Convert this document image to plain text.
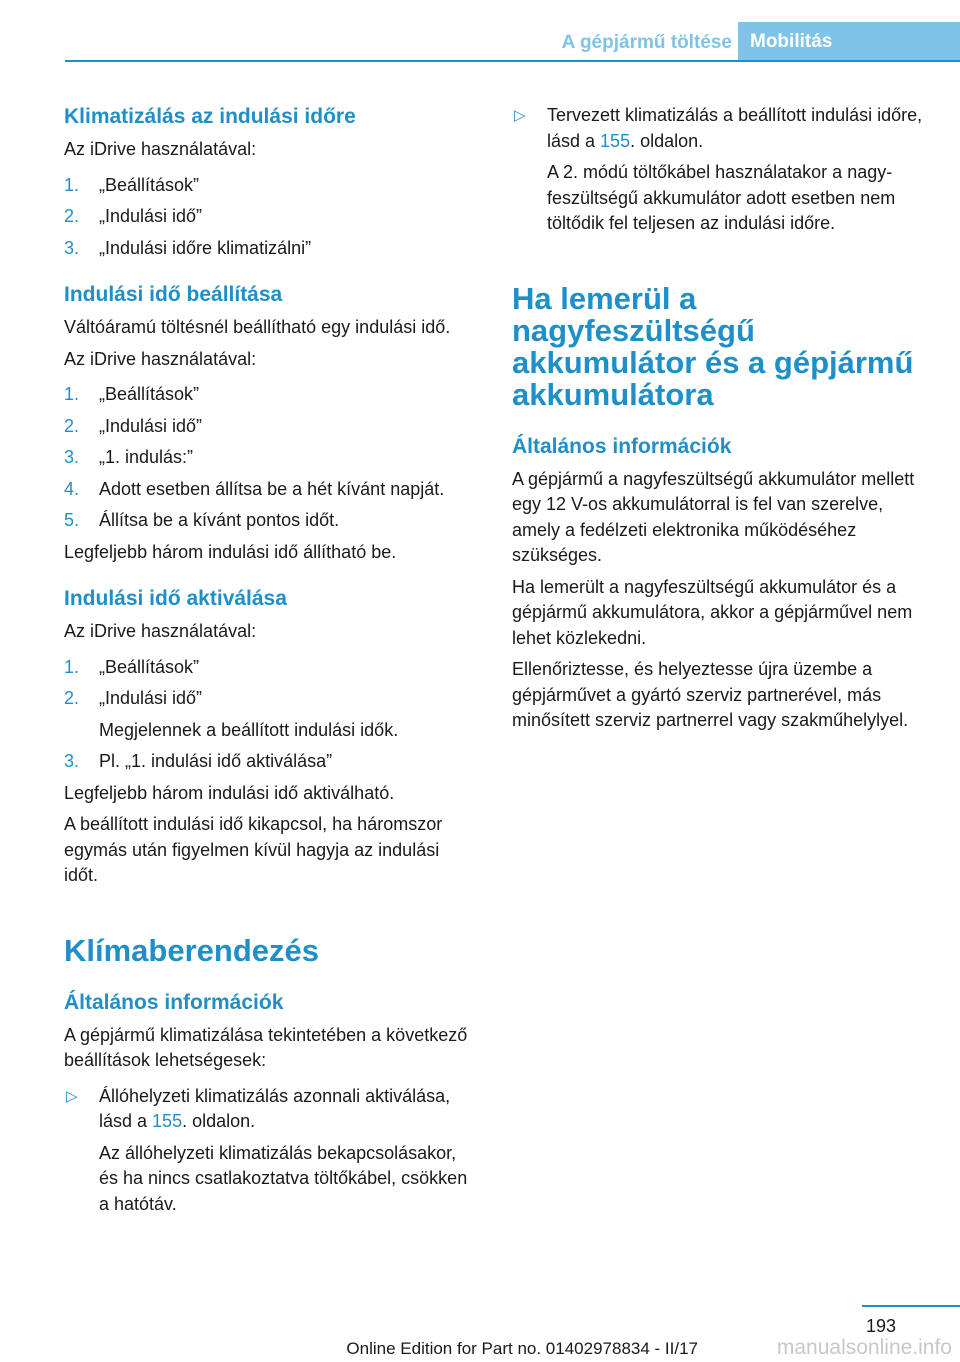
A gépjármű töltése Mobilitás
Klimatizálás az indulási időre

Az iDrive használatával:

1. „Beállítások”
2. „Indulási idő”
3. „Indulási időre klimatizálni”
Indulási idő beállítása

Váltóáramú töltésnél beállítható egy indulási idő.

Az iDrive használatával:

1. „Beállítások”
2. „Indulási idő”
3. „1. indulás:”
4. Adott esetben állítsa be a hét kívánt napját.
5. Állítsa be a kívánt pontos időt.

Legfeljebb három indulási idő állítható be.

Indulási idő aktiválása

Az iDrive használatával:

1. „Beállítások”
2. „Indulási idő”

Megjelennek a beállított indulási idők.

3. Pl. „1. indulási idő aktiválása”

Legfeljebb három indulási idő aktiválható.

A beállított indulási idő kikapcsol, ha háromszor egymás után figyelmen kívül hagyja az indulási időt.

Klímaberendezés
Általános információk

A gépjármű klimatizálása tekintetében a következő beállítások lehetségesek:

▷ Állóhelyzeti klimatizálás azonnali aktiválása, lásd a 155. oldalon.

Az állóhelyzeti klimatizálás bekapcsolásakor, és ha nincs csatlakoztatva töltőkábel, csökken a hatótáv.

▷ Tervezett klimatizálás a beállított indulási időre, lásd a 155. oldalon.

A 2. módú töltőkábel használatakor a nagyfeszültségű akkumulátor adott esetben nem töltődik fel teljesen az indulási időre.

Ha lemerül a nagyfeszültségű akkumulátor és a gépjármű akkumulátora
Általános információk

A gépjármű a nagyfeszültségű akkumulátor mellett egy 12 V-os akkumulátorral is fel van szerelve, amely a fedélzeti elektronika működéséhez szükséges.

Ha lemerült a nagyfeszültségű akkumulátor és a gépjármű akkumulátora, akkor a gépjárművel nem lehet közlekedni.

Ellenőriztesse, és helyeztesse újra üzembe a gépjárművet a gyártó szerviz partnerével, más minősített szerviz partnerrel vagy szakműhelylyel.

193
Online Edition for Part no. 01402978834 - II/17	manualsonline.info
